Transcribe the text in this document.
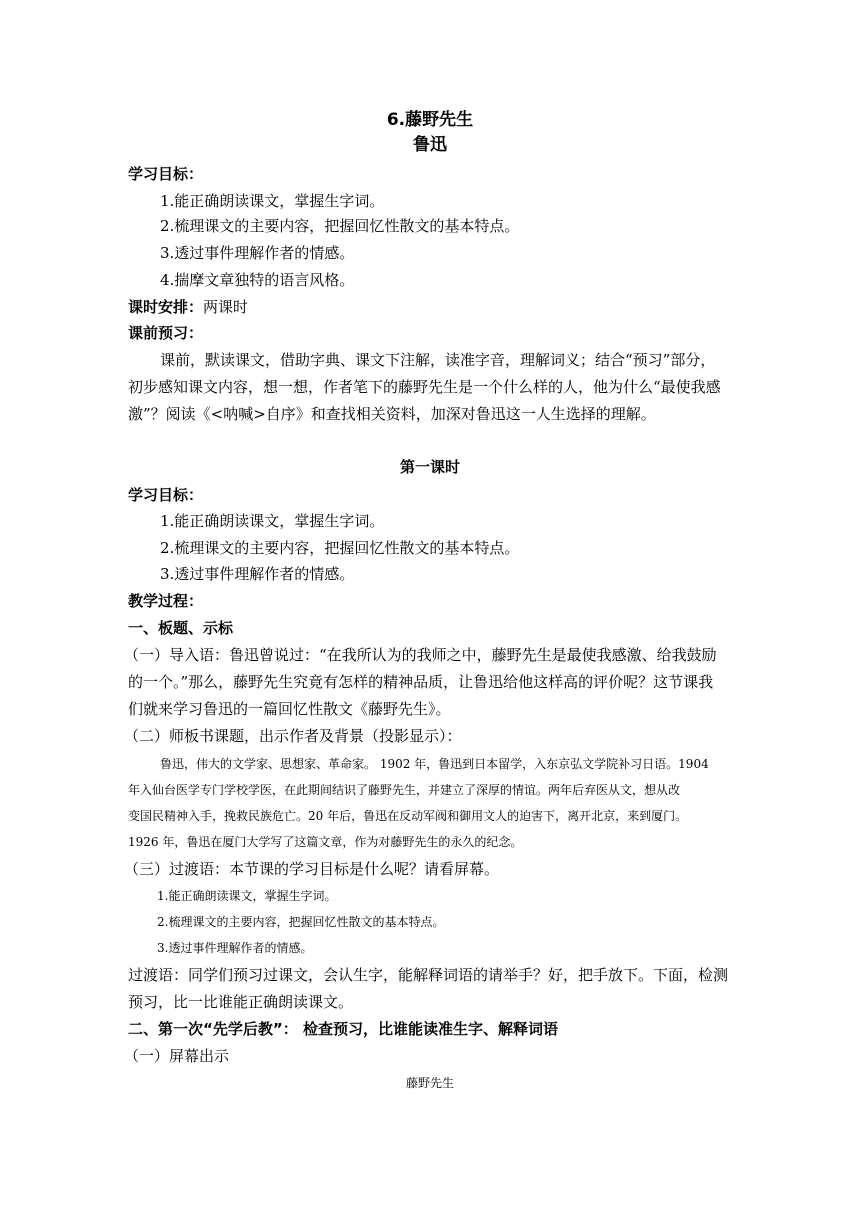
6.藤野先生
鲁迅
学习目标：
1.能正确朗读课文，掌握生字词。
2.梳理课文的主要内容，把握回忆性散文的基本特点。
3.透过事件理解作者的情感。
4.揣摩文章独特的语言风格。
课时安排：两课时
课前预习：
课前，默读课文，借助字典、课文下注解，读准字音，理解词义；结合“预习”部分，
初步感知课文内容，想一想，作者笔下的藤野先生是一个什么样的人，他为什么“最使我感
激”？阅读《<呐喊>自序》和查找相关资料，加深对鲁迅这一人生选择的理解。
第一课时
学习目标：
1.能正确朗读课文，掌握生字词。
2.梳理课文的主要内容，把握回忆性散文的基本特点。
3.透过事件理解作者的情感。
教学过程：
一、板题、示标
（一）导入语：鲁迅曾说过：“在我所认为的我师之中，藤野先生是最使我感激、给我鼓励
的一个。”那么，藤野先生究竟有怎样的精神品质，让鲁迅给他这样高的评价呢？这节课我
们就来学习鲁迅的一篇回忆性散文《藤野先生》。
（二）师板书课题，出示作者及背景（投影显示）：
鲁迅，伟大的文学家、思想家、革命家。 1902 年，鲁迅到日本留学，入东京弘文学院补习日语。1904
年入仙台医学专门学校学医，在此期间结识了藤野先生，并建立了深厚的情谊。两年后弃医从文，想从改
变国民精神入手，挽救民族危亡。20 年后，鲁迅在反动军阀和御用文人的迫害下，离开北京，来到厦门。
1926 年，鲁迅在厦门大学写了这篇文章，作为对藤野先生的永久的纪念。
（三）过渡语：本节课的学习目标是什么呢？请看屏幕。
1.能正确朗读课文，掌握生字词。
2.梳理课文的主要内容，把握回忆性散文的基本特点。
3.透过事件理解作者的情感。
过渡语：同学们预习过课文，会认生字，能解释词语的请举手？好，把手放下。下面，检测
预习，比一比谁能正确朗读课文。
二、第一次“先学后教”： 检查预习，比谁能读准生字、解释词语
（一）屏幕出示
藤野先生
